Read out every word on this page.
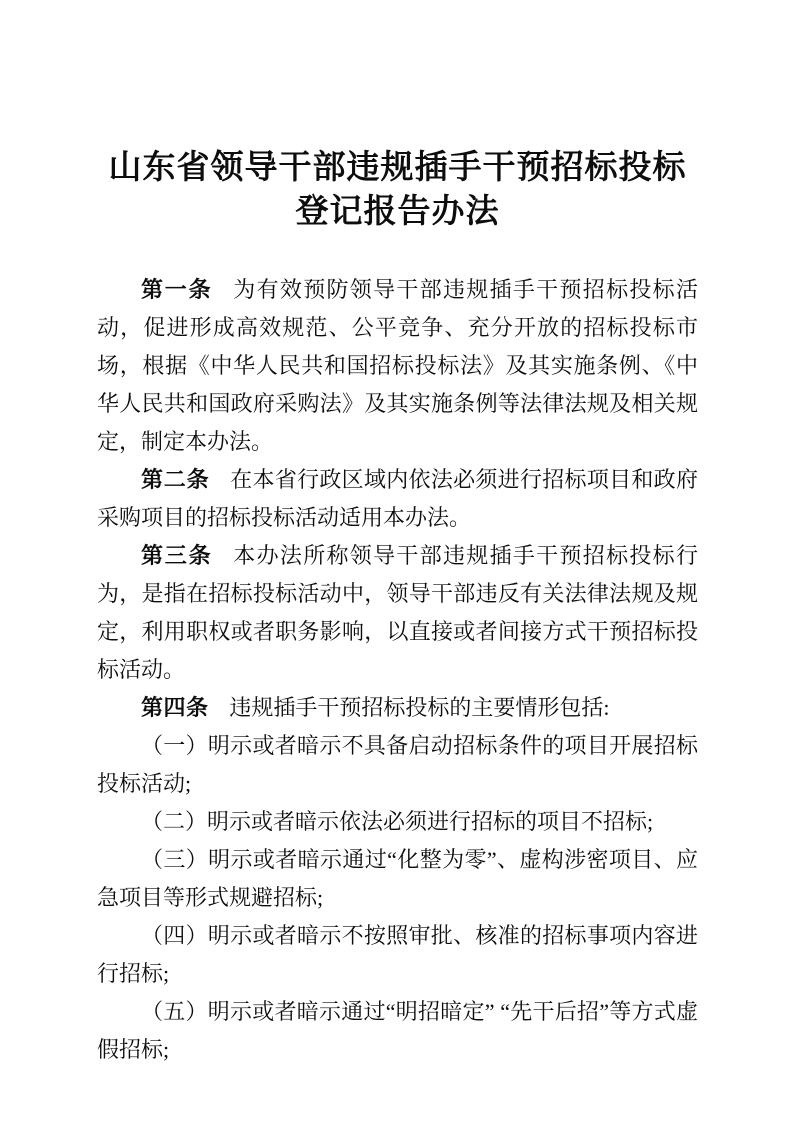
山东省领导干部违规插手干预招标投标
登记报告办法

第一条 为有效预防领导干部违规插手干预招标投标活动，促进形成高效规范、公平竞争、充分开放的招标投标市场，根据《中华人民共和国招标投标法》及其实施条例、《中华人民共和国政府采购法》及其实施条例等法律法规及相关规定，制定本办法。

第二条 在本省行政区域内依法必须进行招标项目和政府采购项目的招标投标活动适用本办法。

第三条 本办法所称领导干部违规插手干预招标投标行为，是指在招标投标活动中，领导干部违反有关法律法规及规定，利用职权或者职务影响，以直接或者间接方式干预招标投标活动。

第四条 违规插手干预招标投标的主要情形包括:

（一）明示或者暗示不具备启动招标条件的项目开展招标投标活动;

（二）明示或者暗示依法必须进行招标的项目不招标;

（三）明示或者暗示通过“化整为零”、虚构涉密项目、应急项目等形式规避招标;

（四）明示或者暗示不按照审批、核准的招标事项内容进行招标;

（五）明示或者暗示通过“明招暗定” “先干后招”等方式虚假招标;
